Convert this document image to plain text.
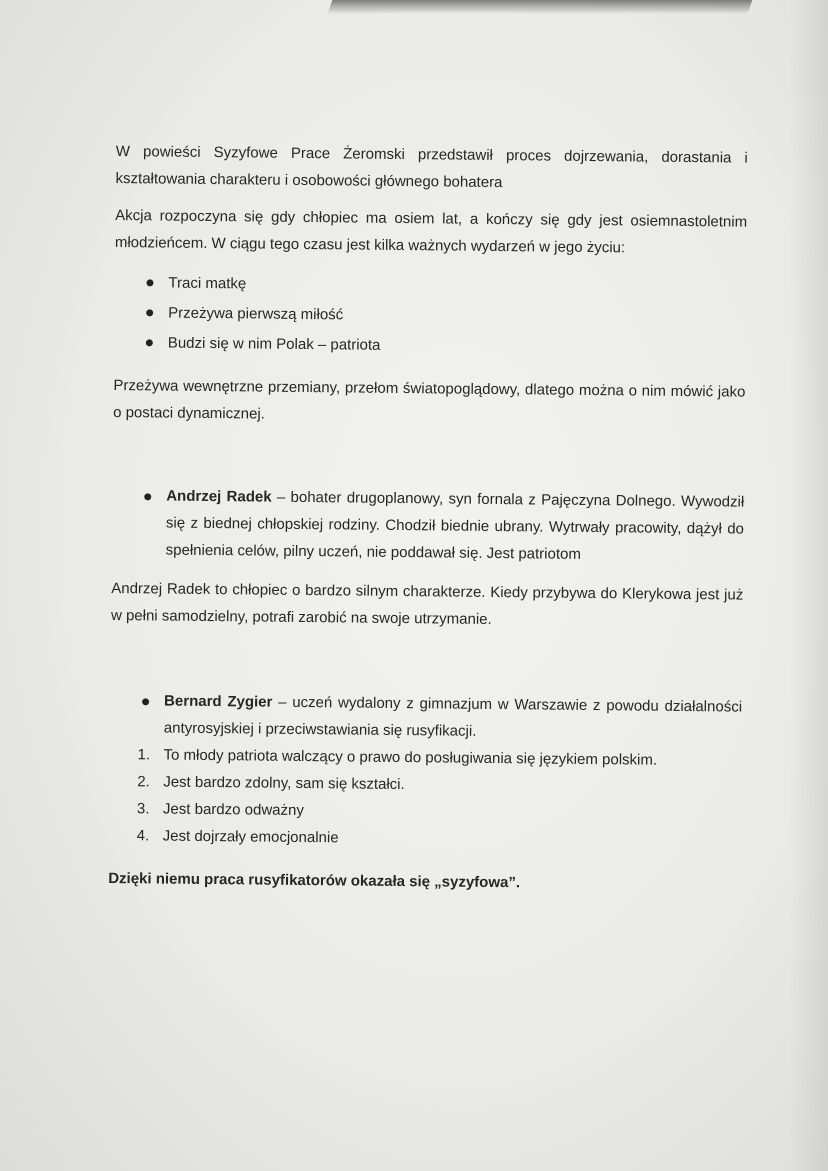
W powieści Syzyfowe Prace Żeromski przedstawił proces dojrzewania, dorastania i kształtowania charakteru i osobowości głównego bohatera

Akcja rozpoczyna się gdy chłopiec ma osiem lat, a kończy się gdy jest osiemnastoletnim młodzieńcem. W ciągu tego czasu jest kilka ważnych wydarzeń w jego życiu:

Traci matkę
Przeżywa pierwszą miłość
Budzi się w nim Polak – patriota

Przeżywa wewnętrzne przemiany, przełom światopoglądowy, dlatego można o nim mówić jako o postaci dynamicznej.

Andrzej Radek – bohater drugoplanowy, syn fornala z Pajęczyna Dolnego. Wywodził się z biednej chłopskiej rodziny. Chodził biednie ubrany. Wytrwały pracowity, dążył do spełnienia celów, pilny uczeń, nie poddawał się. Jest patriotom

Andrzej Radek to chłopiec o bardzo silnym charakterze. Kiedy przybywa do Klerykowa jest już w pełni samodzielny, potrafi zarobić na swoje utrzymanie.

Bernard Zygier – uczeń wydalony z gimnazjum w Warszawie z powodu działalności antyrosyjskiej i przeciwstawiania się rusyfikacji.
1. To młody patriota walczący o prawo do posługiwania się językiem polskim.
2. Jest bardzo zdolny, sam się kształci.
3. Jest bardzo odważny
4. Jest dojrzały emocjonalnie

Dzięki niemu praca rusyfikatorów okazała się „syzyfowa”.
